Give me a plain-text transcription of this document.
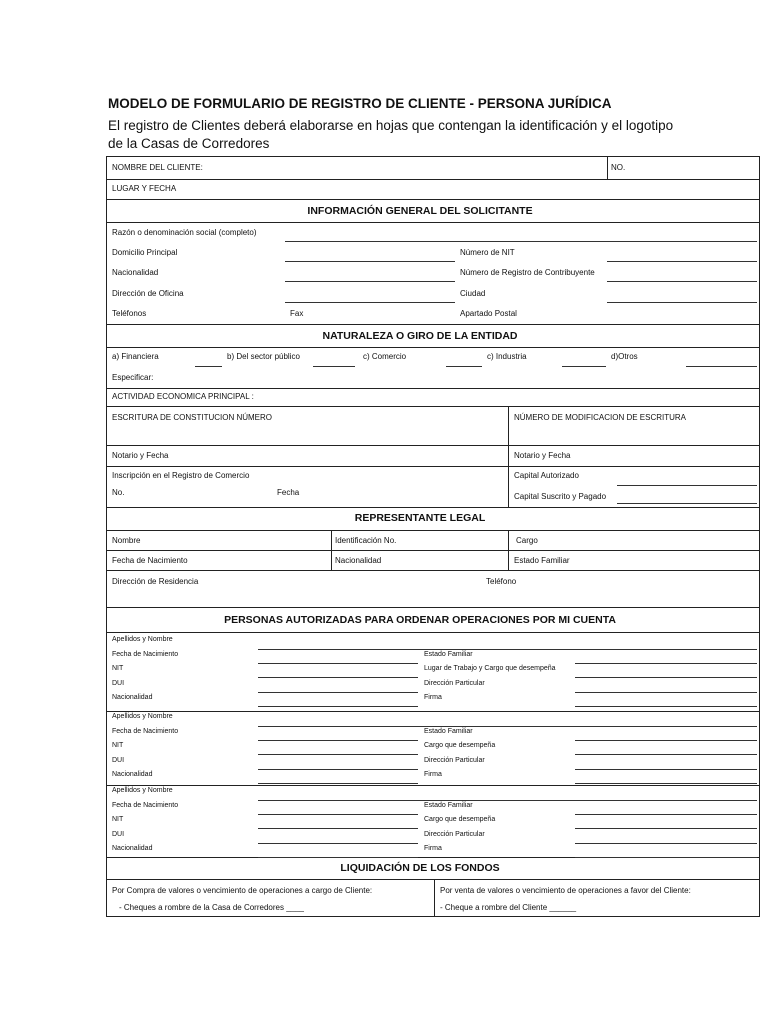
MODELO DE FORMULARIO DE REGISTRO DE CLIENTE - PERSONA JURÍDICA
El registro de Clientes deberá elaborarse en hojas que contengan la identificación y el logotipo de la Casas de Corredores
NOMBRE DEL CLIENTE:	NO.
LUGAR Y FECHA
INFORMACIÓN GENERAL DEL SOLICITANTE
Razón o denominación social (completo)
Domicilio Principal	Número de NIT
Nacionalidad	Número de Registro de Contribuyente
Dirección de Oficina	Ciudad
Teléfonos	Fax	Apartado Postal
NATURALEZA O GIRO DE LA ENTIDAD
a) Financiera	b) Del sector público	c) Comercio	c) Industria	d)Otros
Especificar:
ACTIVIDAD ECONOMICA PRINCIPAL :
ESCRITURA DE CONSTITUCION NÚMERO	NÚMERO DE MODIFICACION DE ESCRITURA
Notario y Fecha	Notario y Fecha
Inscripción en el Registro de Comercio	Capital Autorizado
No.	Fecha	Capital Suscrito y Pagado
REPRESENTANTE LEGAL
Nombre	Identificación No.	Cargo
Fecha de Nacimiento	Nacionalidad	Estado Familiar
Dirección de Residencia	Teléfono
PERSONAS AUTORIZADAS PARA ORDENAR OPERACIONES POR MI CUENTA
Apellidos y Nombre
Fecha de Nacimiento	Estado Familiar
NIT	Lugar de Trabajo y Cargo que desempeña
DUI	Dirección Particular
Nacionalidad	Firma
Apellidos y Nombre
Fecha de Nacimiento	Estado Familiar
NIT	Cargo que desempeña
DUI	Dirección Particular
Nacionalidad	Firma
Apellidos y Nombre
Fecha de Nacimiento	Estado Familiar
NIT	Cargo que desempeña
DUI	Dirección Particular
Nacionalidad	Firma
LIQUIDACIÓN DE LOS FONDOS
Por Compra de valores o vencimiento de operaciones a cargo de Cliente:
- Cheques a rombre de la Casa de Corredores ____
Por venta de valores o vencimiento de operaciones a favor del Cliente:
- Cheque a rombre del Cliente ______
